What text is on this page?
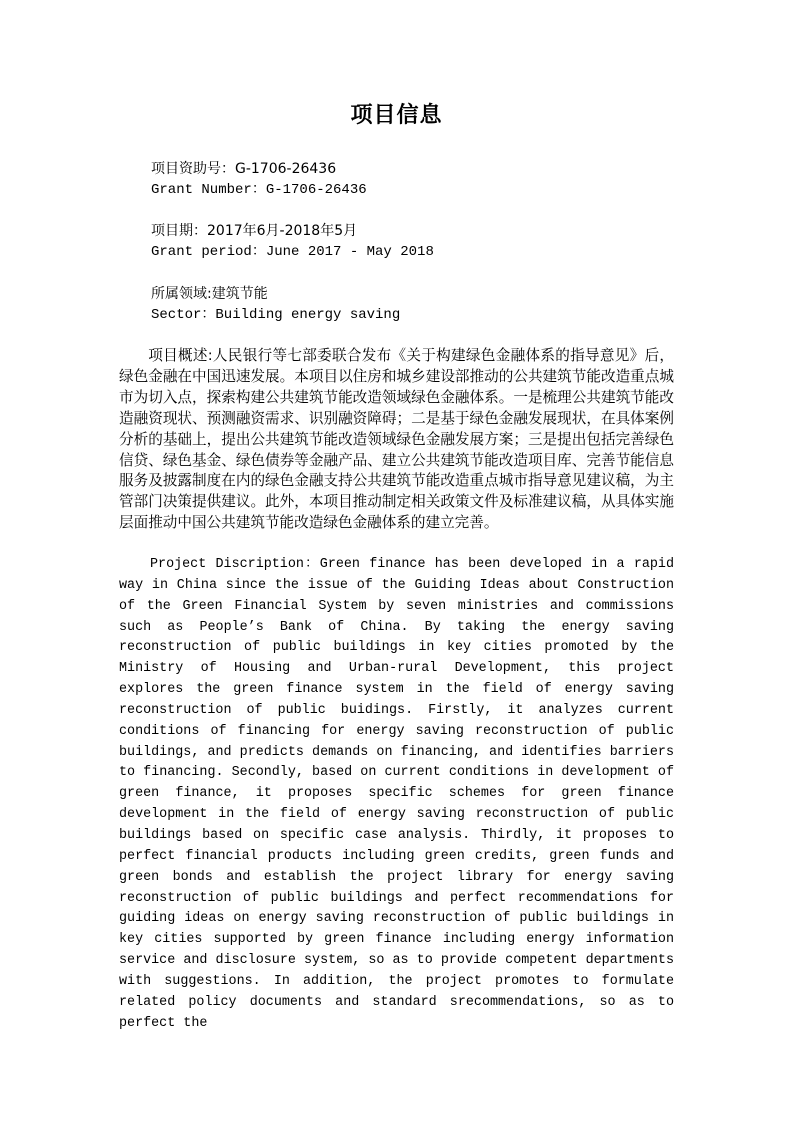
项目信息
项目资助号：G-1706-26436
Grant Number：G-1706-26436
项目期：2017年6月-2018年5月
Grant period：June 2017 - May 2018
所属领域:建筑节能
Sector：Building energy saving

项目概述:人民银行等七部委联合发布《关于构建绿色金融体系的指导意见》后，绿色金融在中国迅速发展。本项目以住房和城乡建设部推动的公共建筑节能改造重点城市为切入点，探索构建公共建筑节能改造领域绿色金融体系。一是梳理公共建筑节能改造融资现状、预测融资需求、识别融资障碍；二是基于绿色金融发展现状，在具体案例分析的基础上，提出公共建筑节能改造领域绿色金融发展方案；三是提出包括完善绿色信贷、绿色基金、绿色债券等金融产品、建立公共建筑节能改造项目库、完善节能信息服务及披露制度在内的绿色金融支持公共建筑节能改造重点城市指导意见建议稿，为主管部门决策提供建议。此外，本项目推动制定相关政策文件及标准建议稿，从具体实施层面推动中国公共建筑节能改造绿色金融体系的建立完善。

Project Discription：Green finance has been developed in a rapid way in China since the issue of the Guiding Ideas about Construction of the Green Financial System by seven ministries and commissions such as People’s Bank of China. By taking the energy saving reconstruction of public buildings in key cities promoted by the Ministry of Housing and Urban-rural Development, this project explores the green finance system in the field of energy saving reconstruction of public buidings. Firstly, it analyzes current conditions of financing for energy saving reconstruction of public buildings, and predicts demands on financing, and identifies barriers to financing. Secondly, based on current conditions in development of green finance, it proposes specific schemes for green finance development in the field of energy saving reconstruction of public buildings based on specific case analysis. Thirdly, it proposes to perfect financial products including green credits, green funds and green bonds and establish the project library for energy saving reconstruction of public buildings and perfect recommendations for guiding ideas on energy saving reconstruction of public buildings in key cities supported by green finance including energy information service and disclosure system, so as to provide competent departments with suggestions. In addition, the project promotes to formulate related policy documents and standard srecommendations, so as to perfect the
